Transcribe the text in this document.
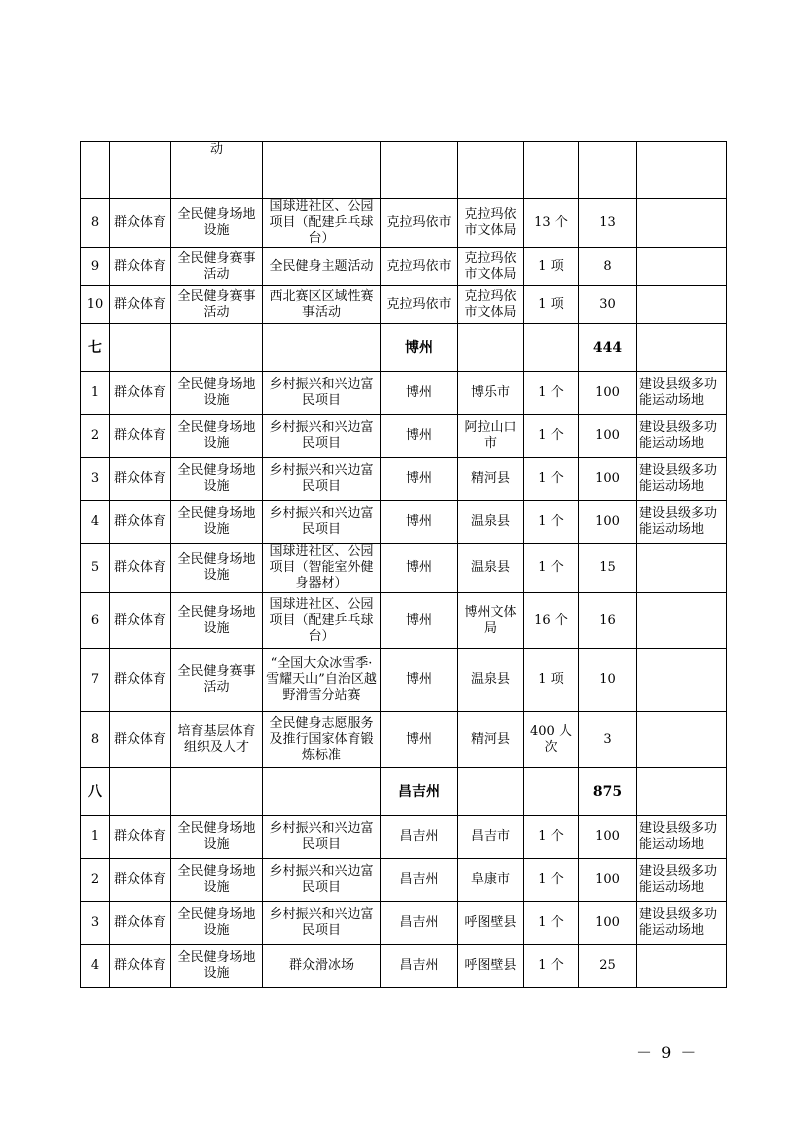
		动						
8	群众体育	全民健身场地设施	国球进社区、公园项目（配建乒乓球台）	克拉玛依市	克拉玛依市文体局	13 个	13	
9	群众体育	全民健身赛事活动	全民健身主题活动	克拉玛依市	克拉玛依市文体局	1 项	8	
10	群众体育	全民健身赛事活动	西北赛区区域性赛事活动	克拉玛依市	克拉玛依市文体局	1 项	30	
七				博州			444	
1	群众体育	全民健身场地设施	乡村振兴和兴边富民项目	博州	博乐市	1 个	100	建设县级多功能运动场地
2	群众体育	全民健身场地设施	乡村振兴和兴边富民项目	博州	阿拉山口市	1 个	100	建设县级多功能运动场地
3	群众体育	全民健身场地设施	乡村振兴和兴边富民项目	博州	精河县	1 个	100	建设县级多功能运动场地
4	群众体育	全民健身场地设施	乡村振兴和兴边富民项目	博州	温泉县	1 个	100	建设县级多功能运动场地
5	群众体育	全民健身场地设施	国球进社区、公园项目（智能室外健身器材）	博州	温泉县	1 个	15	
6	群众体育	全民健身场地设施	国球进社区、公园项目（配建乒乓球台）	博州	博州文体局	16 个	16	
7	群众体育	全民健身赛事活动	“全国大众冰雪季·雪耀天山”自治区越野滑雪分站赛	博州	温泉县	1 项	10	
8	群众体育	培育基层体育组织及人才	全民健身志愿服务及推行国家体育锻炼标准	博州	精河县	400 人次	3	
八				昌吉州			875	
1	群众体育	全民健身场地设施	乡村振兴和兴边富民项目	昌吉州	昌吉市	1 个	100	建设县级多功能运动场地
2	群众体育	全民健身场地设施	乡村振兴和兴边富民项目	昌吉州	阜康市	1 个	100	建设县级多功能运动场地
3	群众体育	全民健身场地设施	乡村振兴和兴边富民项目	昌吉州	呼图壁县	1 个	100	建设县级多功能运动场地
4	群众体育	全民健身场地设施	群众滑冰场	昌吉州	呼图壁县	1 个	25	
－ 9 －
